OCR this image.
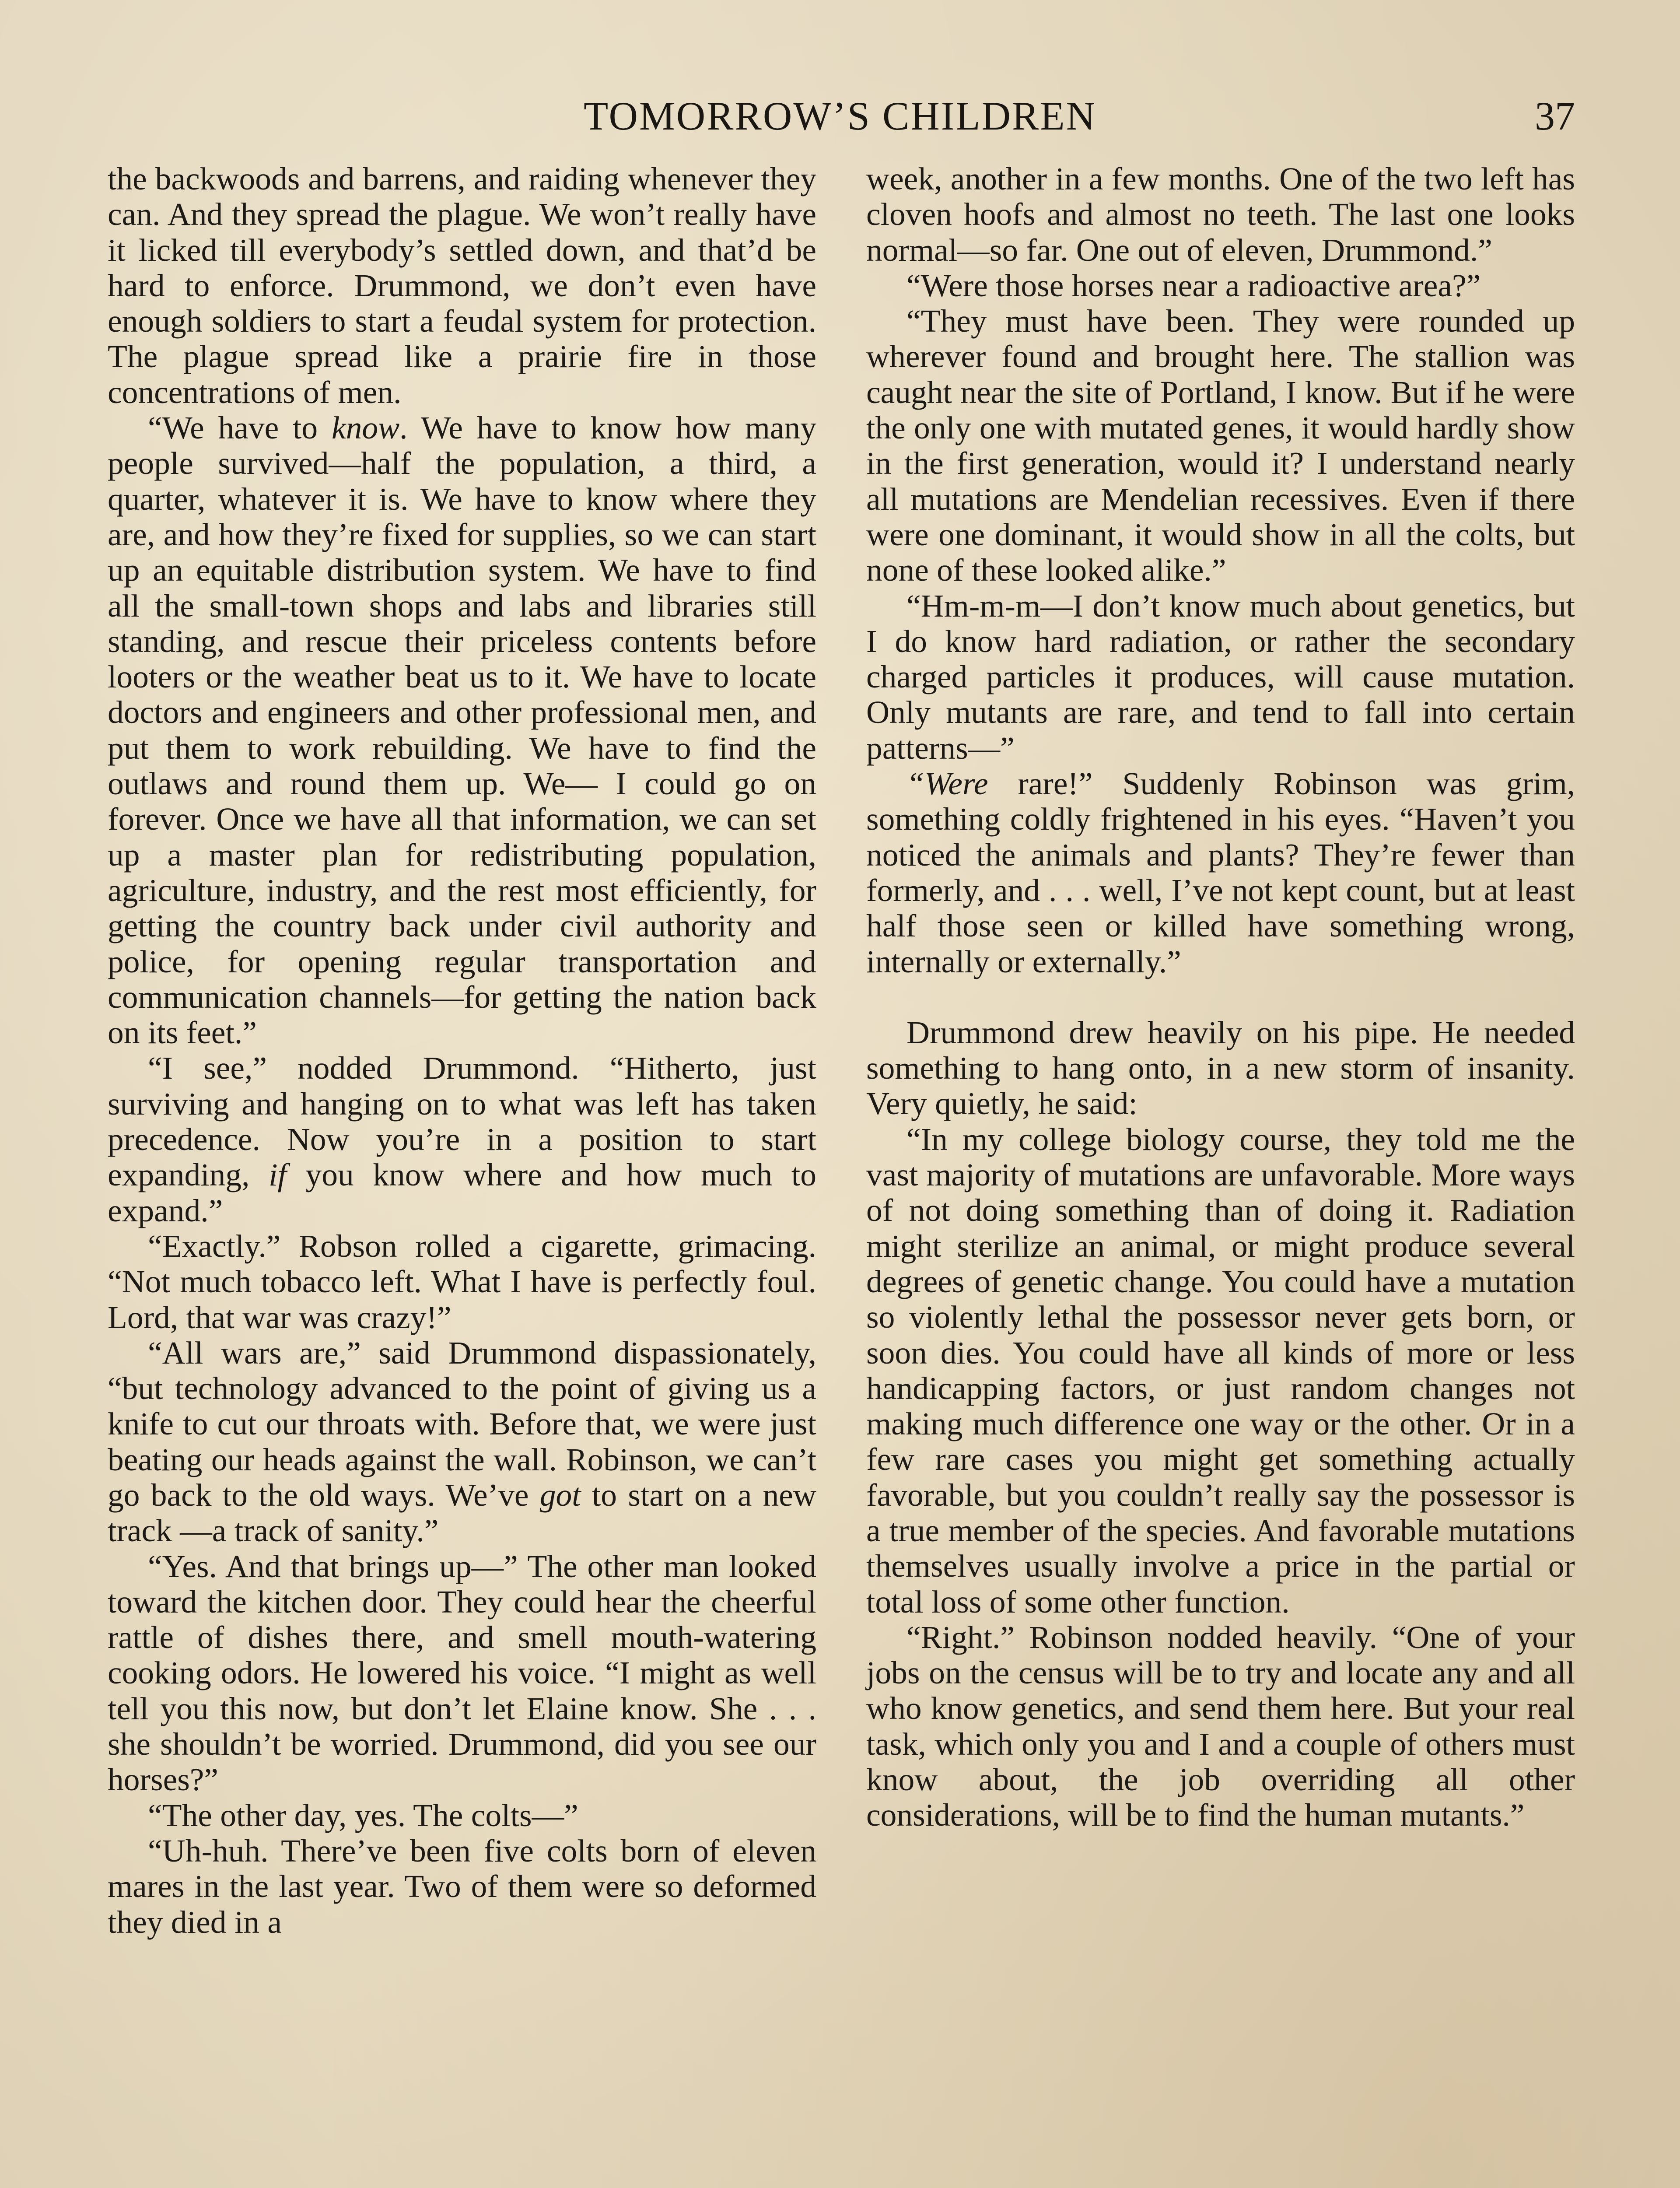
TOMORROW’S CHILDREN	37

the backwoods and barrens, and raiding whenever they can. And they spread the plague. We won’t really have it licked till everybody’s settled down, and that’d be hard to enforce. Drummond, we don’t even have enough soldiers to start a feudal system for protection. The plague spread like a prairie fire in those concentrations of men.

“We have to know. We have to know how many people survived—half the population, a third, a quarter, whatever it is. We have to know where they are, and how they’re fixed for supplies, so we can start up an equitable distribution system. We have to find all the small-town shops and labs and libraries still standing, and rescue their priceless contents before looters or the weather beat us to it. We have to locate doctors and engineers and other professional men, and put them to work rebuilding. We have to find the outlaws and round them up. We— I could go on forever. Once we have all that information, we can set up a master plan for redistributing population, agriculture, industry, and the rest most efficiently, for getting the country back under civil authority and police, for opening regular transportation and communication channels—for getting the nation back on its feet.”

“I see,” nodded Drummond. “Hitherto, just surviving and hanging on to what was left has taken precedence. Now you’re in a position to start expanding, if you know where and how much to expand.”

“Exactly.” Robson rolled a cigarette, grimacing. “Not much tobacco left. What I have is perfectly foul. Lord, that war was crazy!”

“All wars are,” said Drummond dispassionately, “but technology advanced to the point of giving us a knife to cut our throats with. Before that, we were just beating our heads against the wall. Robinson, we can’t go back to the old ways. We’ve got to start on a new track —a track of sanity.”

“Yes. And that brings up—” The other man looked toward the kitchen door. They could hear the cheerful rattle of dishes there, and smell mouth-watering cooking odors. He lowered his voice. “I might as well tell you this now, but don’t let Elaine know. She . . . she shouldn’t be worried. Drummond, did you see our horses?”

“The other day, yes. The colts—”

“Uh-huh. There’ve been five colts born of eleven mares in the last year. Two of them were so deformed they died in a

week, another in a few months. One of the two left has cloven hoofs and almost no teeth. The last one looks normal—so far. One out of eleven, Drummond.”

“Were those horses near a radioactive area?”

“They must have been. They were rounded up wherever found and brought here. The stallion was caught near the site of Portland, I know. But if he were the only one with mutated genes, it would hardly show in the first generation, would it? I understand nearly all mutations are Mendelian recessives. Even if there were one dominant, it would show in all the colts, but none of these looked alike.”

“Hm-m-m—I don’t know much about genetics, but I do know hard radiation, or rather the secondary charged particles it produces, will cause mutation. Only mutants are rare, and tend to fall into certain patterns—”

“Were rare!” Suddenly Robinson was grim, something coldly frightened in his eyes. “Haven’t you noticed the animals and plants? They’re fewer than formerly, and . . . well, I’ve not kept count, but at least half those seen or killed have something wrong, internally or externally.”

Drummond drew heavily on his pipe. He needed something to hang onto, in a new storm of insanity. Very quietly, he said:

“In my college biology course, they told me the vast majority of mutations are unfavorable. More ways of not doing something than of doing it. Radiation might sterilize an animal, or might produce several degrees of genetic change. You could have a mutation so violently lethal the possessor never gets born, or soon dies. You could have all kinds of more or less handicapping factors, or just random changes not making much difference one way or the other. Or in a few rare cases you might get something actually favorable, but you couldn’t really say the possessor is a true member of the species. And favorable mutations themselves usually involve a price in the partial or total loss of some other function.

“Right.” Robinson nodded heavily. “One of your jobs on the census will be to try and locate any and all who know genetics, and send them here. But your real task, which only you and I and a couple of others must know about, the job overriding all other considerations, will be to find the human mutants.”
